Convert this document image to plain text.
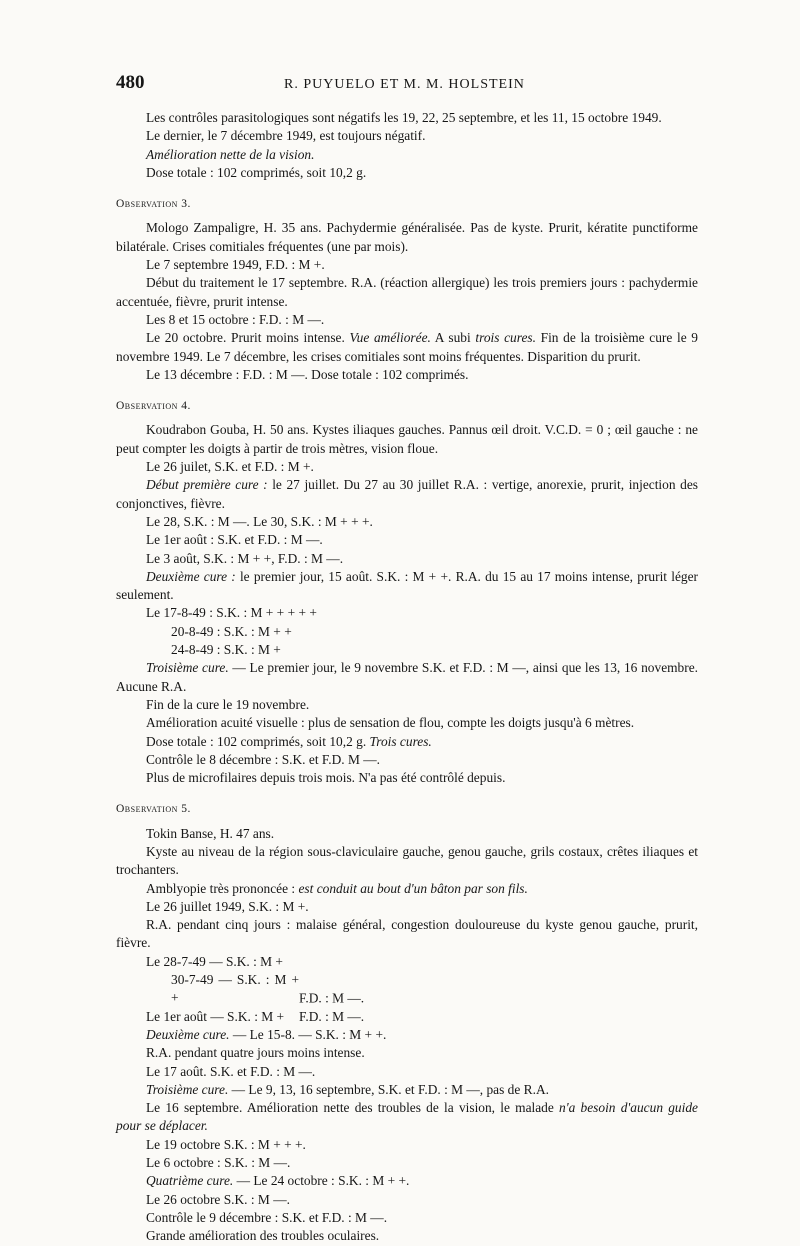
480	R. PUYUELO ET M. M. HOLSTEIN

Les contrôles parasitologiques sont négatifs les 19, 22, 25 septembre, et les 11, 15 octobre 1949.

Le dernier, le 7 décembre 1949, est toujours négatif.

Amélioration nette de la vision.

Dose totale : 102 comprimés, soit 10,2 g.

Observation 3.

Mologo Zampaligre, H. 35 ans. Pachydermie généralisée. Pas de kyste. Prurit, kératite punctiforme bilatérale. Crises comitiales fréquentes (une par mois).

Le 7 septembre 1949, F.D. : M +.

Début du traitement le 17 septembre. R.A. (réaction allergique) les trois premiers jours : pachydermie accentuée, fièvre, prurit intense.

Les 8 et 15 octobre : F.D. : M —.

Le 20 octobre. Prurit moins intense. Vue améliorée. A subi trois cures. Fin de la troisième cure le 9 novembre 1949. Le 7 décembre, les crises comitiales sont moins fréquentes. Disparition du prurit.

Le 13 décembre : F.D. : M —. Dose totale : 102 comprimés.

Observation 4.

Koudrabon Gouba, H. 50 ans. Kystes iliaques gauches. Pannus œil droit. V.C.D. = 0 ; œil gauche : ne peut compter les doigts à partir de trois mètres, vision floue.

Le 26 juilet, S.K. et F.D. : M +.

Début première cure : le 27 juillet. Du 27 au 30 juillet R.A. : vertige, anorexie, prurit, injection des conjonctives, fièvre.

Le 28, S.K. : M —. Le 30, S.K. : M + + +.

Le 1er août : S.K. et F.D. : M —.

Le 3 août, S.K. : M + +, F.D. : M —.

Deuxième cure : le premier jour, 15 août. S.K. : M + +. R.A. du 15 au 17 moins intense, prurit léger seulement.

Le 17-8-49 : S.K. : M + + + + +

20-8-49 : S.K. : M + +

24-8-49 : S.K. : M +

Troisième cure. — Le premier jour, le 9 novembre S.K. et F.D. : M —, ainsi que les 13, 16 novembre. Aucune R.A.

Fin de la cure le 19 novembre.

Amélioration acuité visuelle : plus de sensation de flou, compte les doigts jusqu'à 6 mètres.

Dose totale : 102 comprimés, soit 10,2 g. Trois cures.

Contrôle le 8 décembre : S.K. et F.D. M —.

Plus de microfilaires depuis trois mois. N'a pas été contrôlé depuis.

Observation 5.

Tokin Banse, H. 47 ans.

Kyste au niveau de la région sous-claviculaire gauche, genou gauche, grils costaux, crêtes iliaques et trochanters.

Amblyopie très prononcée : est conduit au bout d'un bâton par son fils.

Le 26 juillet 1949, S.K. : M +.

R.A. pendant cinq jours : malaise général, congestion douloureuse du kyste genou gauche, prurit, fièvre.

Le 28-7-49 — S.K. : M +

30-7-49 — S.K. : M + +	F.D. : M —.

Le 1er août — S.K. : M + F.D. : M —.

Deuxième cure. — Le 15-8. — S.K. : M + +.

R.A. pendant quatre jours moins intense.

Le 17 août. S.K. et F.D. : M —.

Troisième cure. — Le 9, 13, 16 septembre, S.K. et F.D. : M —, pas de R.A.

Le 16 septembre. Amélioration nette des troubles de la vision, le malade n'a besoin d'aucun guide pour se déplacer.

Le 19 octobre S.K. : M + + +.

Le 6 octobre : S.K. : M —.

Quatrième cure. — Le 24 octobre : S.K. : M + +.

Le 26 octobre S.K. : M —.

Contrôle le 9 décembre : S.K. et F.D. : M —.

Grande amélioration des troubles oculaires.
